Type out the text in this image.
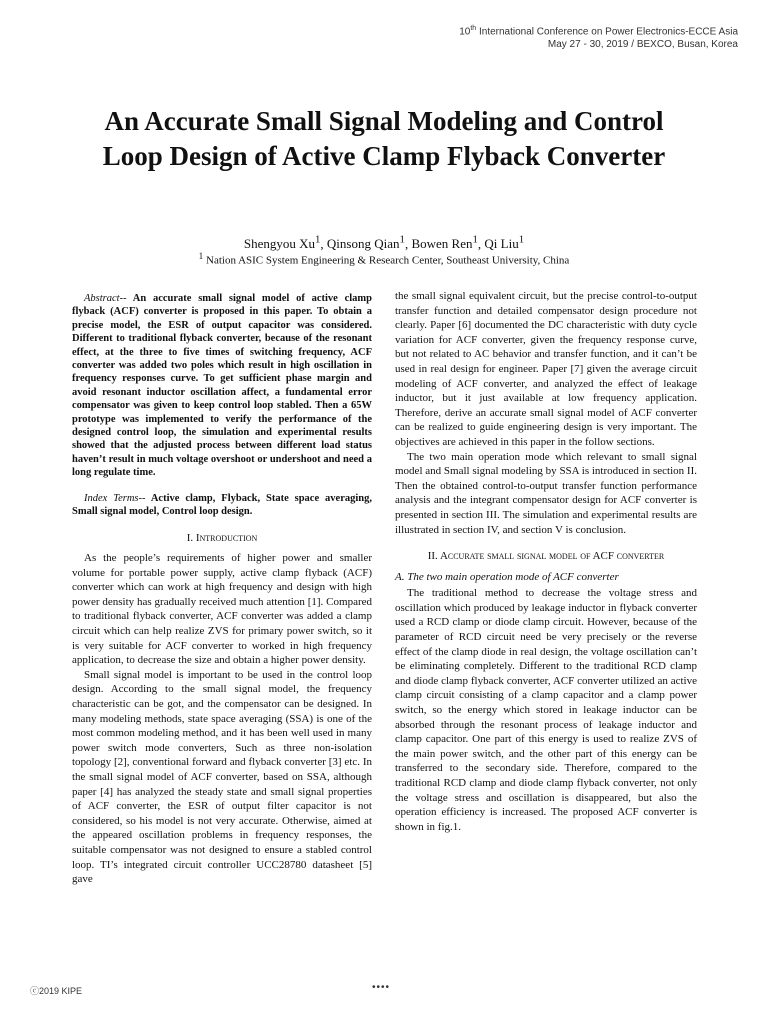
10th International Conference on Power Electronics-ECCE Asia
May 27 - 30, 2019 / BEXCO, Busan, Korea
An Accurate Small Signal Modeling and Control Loop Design of Active Clamp Flyback Converter
Shengyou Xu$^1$, Qinsong Qian$^1$, Bowen Ren$^1$, Qi Liu$^1$
$^1$ Nation ASIC System Engineering & Research Center, Southeast University, China

Abstract-- An accurate small signal model of active clamp flyback (ACF) converter is proposed in this paper. To obtain a precise model, the ESR of output capacitor was considered. Different to traditional flyback converter, because of the resonant effect, at the three to five times of switching frequency, ACF converter was added two poles which result in high oscillation in frequency responses curve. To get sufficient phase margin and avoid resonant inductor oscillation affect, a fundamental error compensator was given to keep control loop stabled. Then a 65W prototype was implemented to verify the performance of the designed control loop, the simulation and experimental results showed that the adjusted process between different load status haven’t result in much voltage overshoot or undershoot and need a long regulate time.

Index Terms-- Active clamp, Flyback, State space averaging, Small signal model, Control loop design.

I. Introduction

As the people’s requirements of higher power and smaller volume for portable power supply, active clamp flyback (ACF) converter which can work at high frequency and design with high power density has gradually received much attention [1]. Compared to traditional flyback converter, ACF converter was added a clamp circuit which can help realize ZVS for primary power switch, so it is very suitable for ACF converter to worked in high frequency application, to decrease the size and obtain a higher power density.

Small signal model is important to be used in the control loop design. According to the small signal model, the frequency characteristic can be got, and the compensator can be designed. In many modeling methods, state space averaging (SSA) is one of the most common modeling method, and it has been well used in many power switch mode converters, Such as three non-isolation topology [2], conventional forward and flyback converter [3] etc. In the small signal model of ACF converter, based on SSA, although paper [4] has analyzed the steady state and small signal properties of ACF converter, the ESR of output filter capacitor is not considered, so his model is not very accurate. Otherwise, aimed at the appeared oscillation problems in frequency responses, the suitable compensator was not designed to ensure a stabled control loop. TI’s integrated circuit controller UCC28780 datasheet [5] gave

the small signal equivalent circuit, but the precise control-to-output transfer function and detailed compensator design procedure not clearly. Paper [6] documented the DC characteristic with duty cycle variation for ACF converter, given the frequency response curve, but not related to AC behavior and transfer function, and it can’t be used in real design for engineer. Paper [7] given the average circuit modeling of ACF converter, and analyzed the effect of leakage inductor, but it just available at low frequency application. Therefore, derive an accurate small signal model of ACF converter can be realized to guide engineering design is very important. The objectives are achieved in this paper in the follow sections.

The two main operation mode which relevant to small signal model and Small signal modeling by SSA is introduced in section II. Then the obtained control-to-output transfer function performance analysis and the integrant compensator design for ACF converter is presented in section III. The simulation and experimental results are illustrated in section IV, and section V is conclusion.

II. Accurate small signal model of ACF converter

A. The two main operation mode of ACF converter

The traditional method to decrease the voltage stress and oscillation which produced by leakage inductor in flyback converter used a RCD clamp or diode clamp circuit. However, because of the parameter of RCD circuit need be very precisely or the reverse effect of the clamp diode in real design, the voltage oscillation can’t be eliminating completely. Different to the traditional RCD clamp and diode clamp flyback converter, ACF converter utilized an active clamp circuit consisting of a clamp capacitor and a clamp power switch, so the energy which stored in leakage inductor can be absorbed through the resonant process of leakage inductor and clamp capacitor. One part of this energy is used to realize ZVS of the main power switch, and the other part of this energy can be transferred to the secondary side. Therefore, compared to the traditional RCD clamp and diode clamp flyback converter, not only the voltage stress and oscillation is disappeared, but also the operation efficiency is increased. The proposed ACF converter is shown in fig.1.

ⓒ2019 KIPE	••••
